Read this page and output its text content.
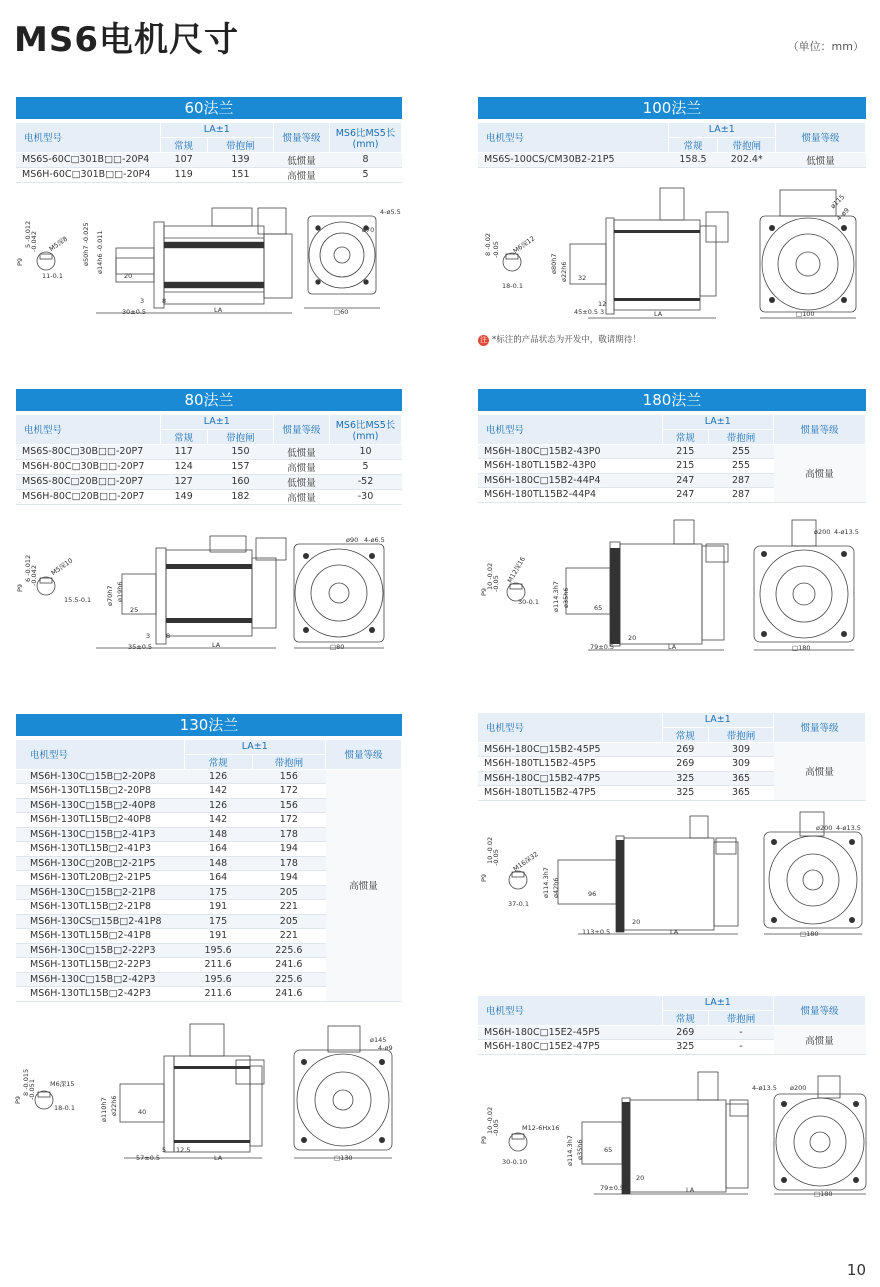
MS6电机尺寸	（单位：mm）
60法兰
电机型号	LA±1		惯量等级	MS6比MS5长(mm)
	常规	带抱闸		
MS6S-60C□301B□□-20P4	107	139	低惯量	8
MS6H-60C□301B□□-20P4	119	151	高惯量	5
P9
5 -0.012
-0.042 M5深8
11-0.1
ø50h7 -0.025 ø14h6 -0.011
20
3	8
30±0.5	LA
4-ø5.5
ø70
□60
100法兰
电机型号	LA±1		惯量等级
	常规	带抱闸	
MS6S-100CS/CM30B2-21P5	158.5	202.4*	低惯量
8 -0.02 -0.05 M6深12
18-0.1
ø80h7 ø22h6 32
12
3
45±0.5	LA
ø115
4-ø9
□100
注 *标注的产品状态为开发中，敬请期待！
80法兰
电机型号	LA±1		惯量等级	MS6比MS5长(mm)
	常规	带抱闸		
MS6S-80C□30B□□-20P7	117	150	低惯量	10
MS6H-80C□30B□□-20P7	124	157	高惯量	5
MS6S-80C□20B□□-20P7	127	160	低惯量	-52
MS6H-80C□20B□□-20P7	149	182	高惯量	-30
P9
6 -0.012
-0.042 M5深10
15.5-0.1 ø70h7 ø19h6
25
3 8
35±0.5	LA
ø90 4-ø6.5
□80
180法兰
电机型号	LA±1		惯量等级
	常规	带抱闸	
MS6H-180C□15B2-43P0	215	255	高惯量
MS6H-180TL15B2-43P0	215	255	
MS6H-180C□15B2-44P4	247	287	
MS6H-180TL15B2-44P4	247	287	
P9
10 -0.02
-0.05 M12深16
30-0.1 ø114.3h7 ø35h6	65
3 20
79±0.5	LA
ø200 4-ø13.5
□180
130法兰
电机型号	LA±1		惯量等级
	常规	带抱闸	
MS6H-130C□15B□2-20P8	126	156	高惯量
MS6H-130TL15B□2-20P8	142	172	
MS6H-130C□15B□2-40P8	126	156	
MS6H-130TL15B□2-40P8	142	172	
MS6H-130C□15B□2-41P3	148	178	
MS6H-130TL15B□2-41P3	164	194	
MS6H-130C□20B□2-21P5	148	178	
MS6H-130TL20B□2-21P5	164	194	
MS6H-130C□15B□2-21P8	175	205	
MS6H-130TL15B□2-21P8	191	221	
MS6H-130CS□15B□2-41P8	175	205	
MS6H-130TL15B□2-41P8	191	221	
MS6H-130C□15B□2-22P3	195.6	225.6	
MS6H-130TL15B□2-22P3	211.6	241.6	
MS6H-130C□15B□2-42P3	195.6	225.6	
MS6H-130TL15B□2-42P3	211.6	241.6	
P9
8 -0.015
-0.051 M6深15
18-0.1	ø110h7 ø22h6	40
5 12.5
57±0.5	LA
ø145
4-ø9
□130
电机型号	LA±1		惯量等级
	常规	带抱闸	
MS6H-180C□15B2-45P5	269	309	高惯量
MS6H-180TL15B2-45P5	269	309	
MS6H-180C□15B2-47P5	325	365	
MS6H-180TL15B2-47P5	325	365	
P9
10 -0.02
-0.05 M16深32
37-0.1
ø114.3h7 ø42h6	96
3 20
113±0.5	LA
ø200 4-ø13.5
□180
电机型号	LA±1		惯量等级
	常规	带抱闸	
MS6H-180C□15E2-45P5	269	-	高惯量
MS6H-180C□15E2-47P5	325	-	
P9
10 -0.02
-0.05	M12-6Hx16
30-0.10	ø114.3h7 ø35h6	65
3 20
79±0.5	LA
ø200
4-ø13.5
□180
10
